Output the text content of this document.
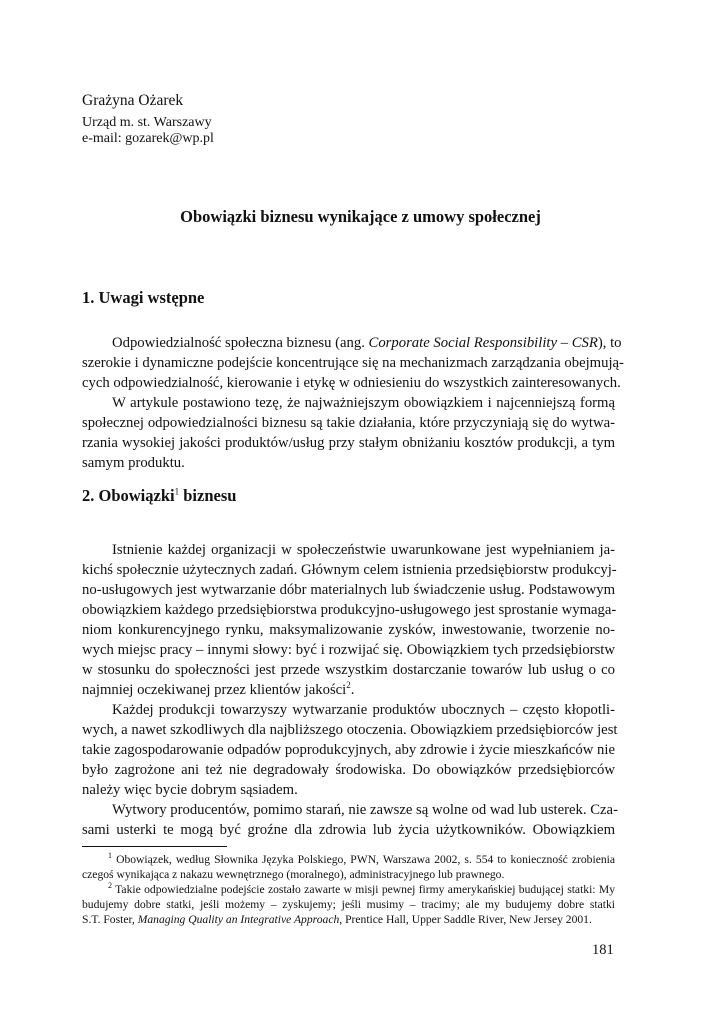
Grażyna Ożarek
Urząd m. st. Warszawy
e-mail: gozarek@wp.pl
Obowiązki biznesu wynikające z umowy społecznej
1. Uwagi wstępne
Odpowiedzialność społeczna biznesu (ang. Corporate Social Responsibility – CSR), to
szerokie i dynamiczne podejście koncentrujące się na mechanizmach zarządzania obejmują-
cych odpowiedzialność, kierowanie i etykę w odniesieniu do wszystkich zainteresowanych.
W artykule postawiono tezę, że najważniejszym obowiązkiem i najcenniejszą formą
społecznej odpowiedzialności biznesu są takie działania, które przyczyniają się do wytwa-
rzania wysokiej jakości produktów/usług przy stałym obniżaniu kosztów produkcji, a tym
samym produktu.
2. Obowiązki$^1$ biznesu
Istnienie każdej organizacji w społeczeństwie uwarunkowane jest wypełnianiem ja-
kichś społecznie użytecznych zadań. Głównym celem istnienia przedsiębiorstw produkcyj-
no-usługowych jest wytwarzanie dóbr materialnych lub świadczenie usług. Podstawowym
obowiązkiem każdego przedsiębiorstwa produkcyjno-usługowego jest sprostanie wymaga-
niom konkurencyjnego rynku, maksymalizowanie zysków, inwestowanie, tworzenie no-
wych miejsc pracy – innymi słowy: być i rozwijać się. Obowiązkiem tych przedsiębiorstw
w stosunku do społeczności jest przede wszystkim dostarczanie towarów lub usług o co
najmniej oczekiwanej przez klientów jakości$^2$.
Każdej produkcji towarzyszy wytwarzanie produktów ubocznych – często kłopotli-
wych, a nawet szkodliwych dla najbliższego otoczenia. Obowiązkiem przedsiębiorców jest
takie zagospodarowanie odpadów poprodukcyjnych, aby zdrowie i życie mieszkańców nie
było zagrożone ani też nie degradowały środowiska. Do obowiązków przedsiębiorców
należy więc bycie dobrym sąsiadem.
Wytwory producentów, pomimo starań, nie zawsze są wolne od wad lub usterek. Cza-
sami usterki te mogą być groźne dla zdrowia lub życia użytkowników. Obowiązkiem
$^1$ Obowiązek, według Słownika Języka Polskiego, PWN, Warszawa 2002, s. 554 to konieczność zrobienia
czegoś wynikająca z nakazu wewnętrznego (moralnego), administracyjnego lub prawnego.
$^2$ Takie odpowiedzialne podejście zostało zawarte w misji pewnej firmy amerykańskiej budującej statki: My
budujemy dobre statki, jeśli możemy – zyskujemy; jeśli musimy – tracimy; ale my budujemy dobre statki
S.T. Foster, Managing Quality an Integrative Approach, Prentice Hall, Upper Saddle River, New Jersey 2001.
181
